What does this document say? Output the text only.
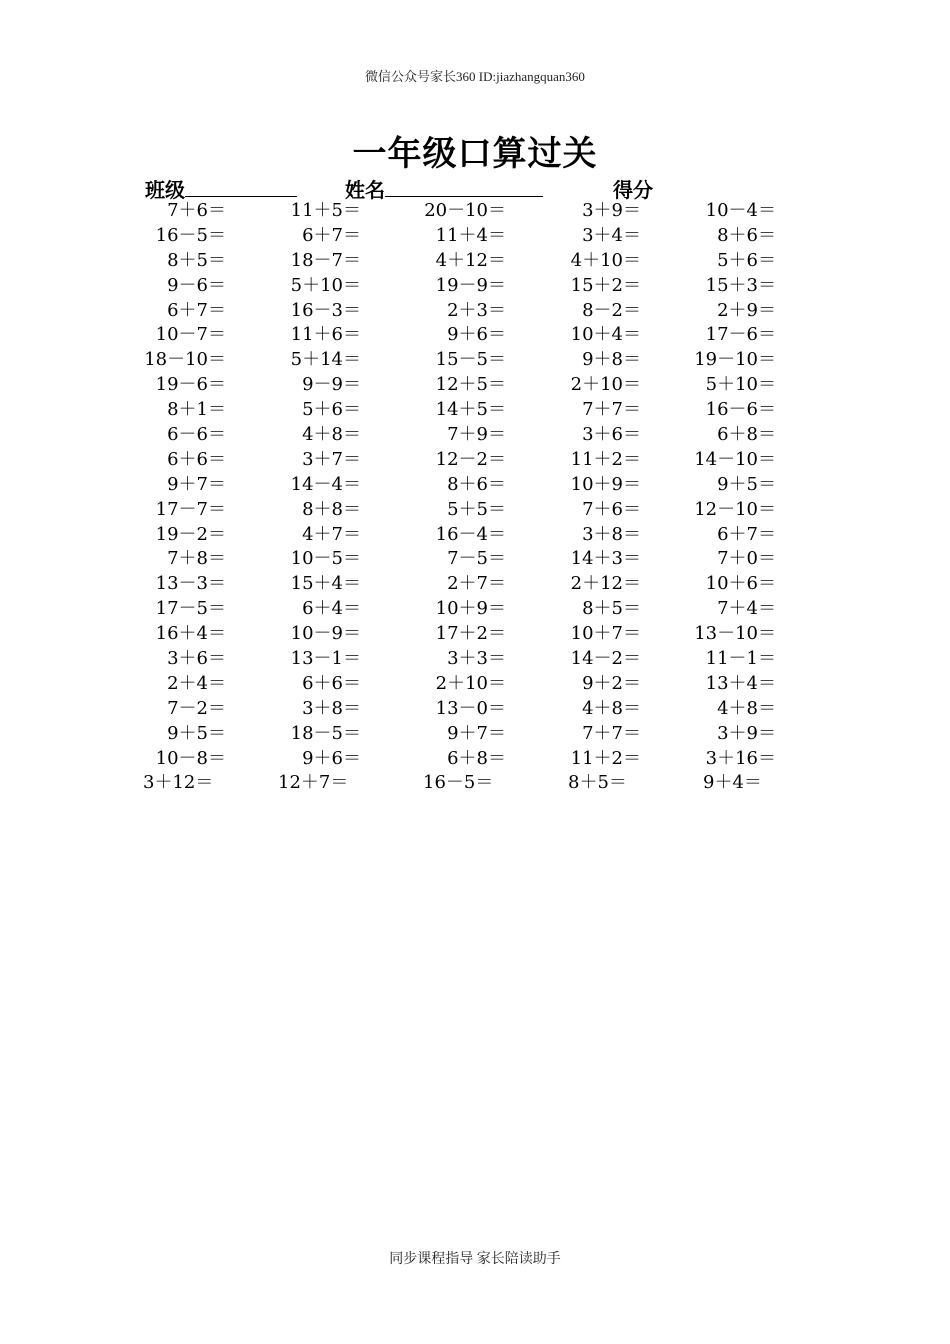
微信公众号家长360 ID:jiazhangquan360
一年级口算过关
班级	姓名	得分
7＋6＝	11＋5＝	20－10＝	3＋9＝	10－4＝
16－5＝	6＋7＝	11＋4＝	3＋4＝	8＋6＝
8＋5＝	18－7＝	4＋12＝	4＋10＝	5＋6＝
9－6＝	5＋10＝	19－9＝	15＋2＝	15＋3＝
6＋7＝	16－3＝	2＋3＝	8－2＝	2＋9＝
10－7＝	11＋6＝	9＋6＝	10＋4＝	17－6＝
18－10＝	5＋14＝	15－5＝	9＋8＝	19－10＝
19－6＝	9－9＝	12＋5＝	2＋10＝	5＋10＝
8＋1＝	5＋6＝	14＋5＝	7＋7＝	16－6＝
6－6＝	4＋8＝	7＋9＝	3＋6＝	6＋8＝
6＋6＝	3＋7＝	12－2＝	11＋2＝	14－10＝
9＋7＝	14－4＝	8＋6＝	10＋9＝	9＋5＝
17－7＝	8＋8＝	5＋5＝	7＋6＝	12－10＝
19－2＝	4＋7＝	16－4＝	3＋8＝	6＋7＝
7＋8＝	10－5＝	7－5＝	14＋3＝	7＋0＝
13－3＝	15＋4＝	2＋7＝	2＋12＝	10＋6＝
17－5＝	6＋4＝	10＋9＝	8＋5＝	7＋4＝
16＋4＝	10－9＝	17＋2＝	10＋7＝	13－10＝
3＋6＝	13－1＝	3＋3＝	14－2＝	11－1＝
2＋4＝	6＋6＝	2＋10＝	9＋2＝	13＋4＝
7－2＝	3＋8＝	13－0＝	4＋8＝	4＋8＝
9＋5＝	18－5＝	9＋7＝	7＋7＝	3＋9＝
10－8＝	9＋6＝	6＋8＝	11＋2＝	3＋16＝
3＋12＝	12＋7＝	16－5＝	8＋5＝	9＋4＝
同步课程指导 家长陪读助手
